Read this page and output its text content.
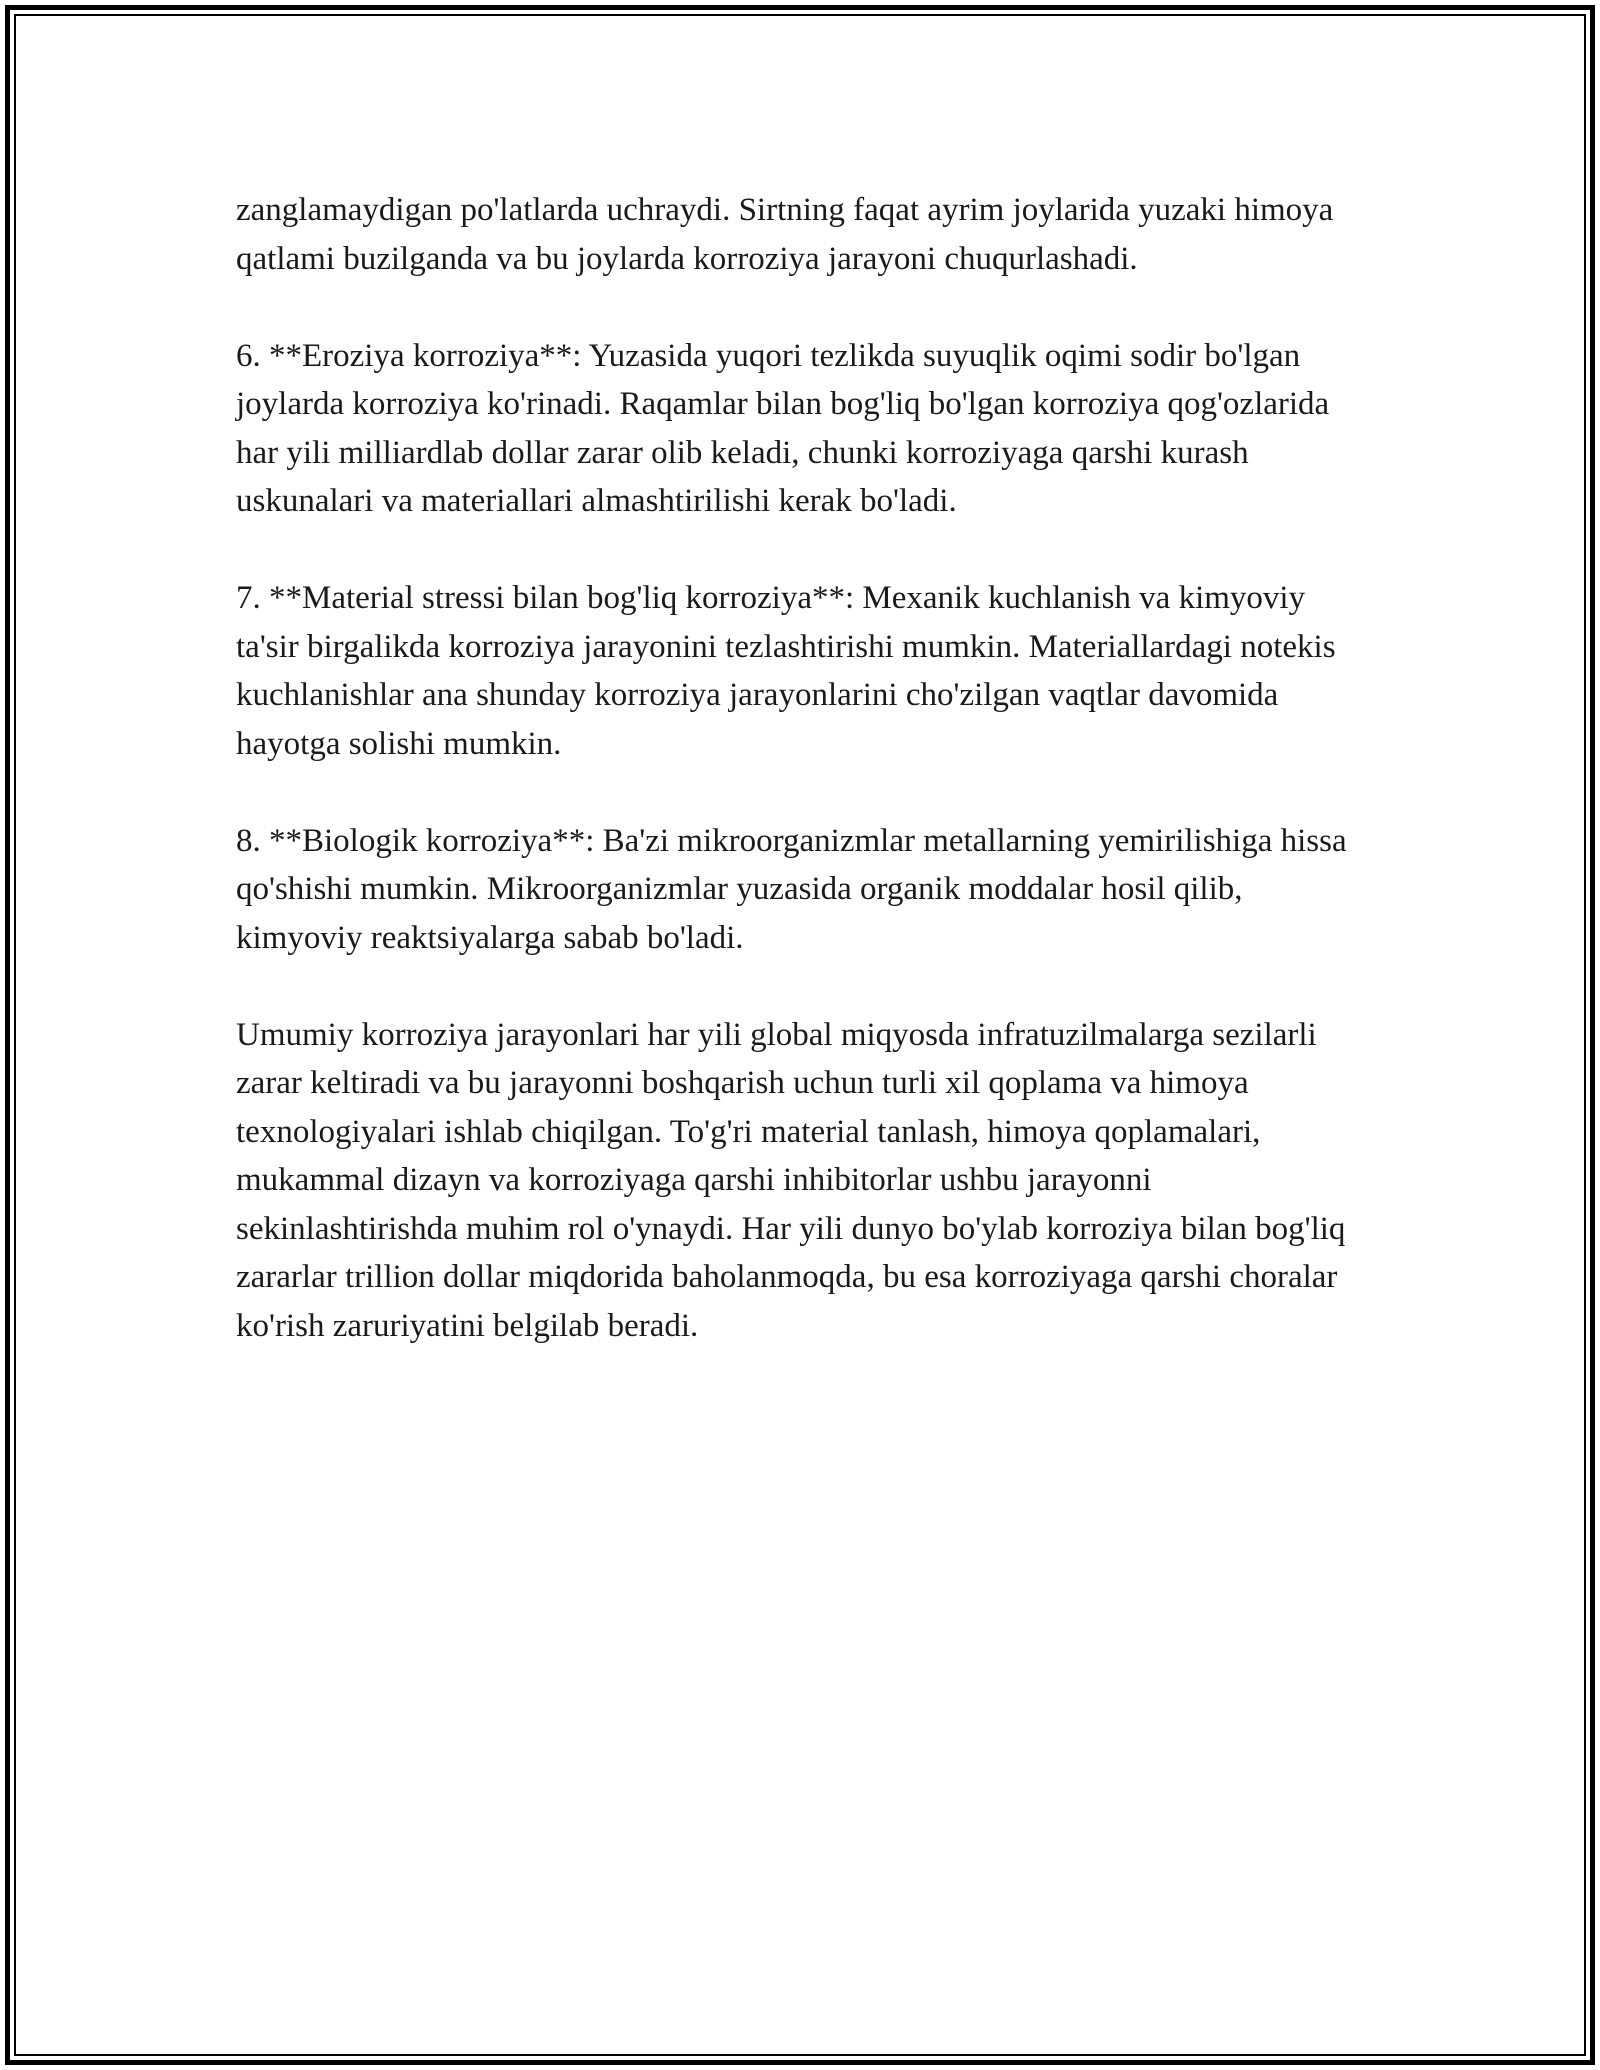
zanglamaydigan po'latlarda uchraydi. Sirtning faqat ayrim joylarida yuzaki himoya qatlami buzilganda va bu joylarda korroziya jarayoni chuqurlashadi.

6. **Eroziya korroziya**: Yuzasida yuqori tezlikda suyuqlik oqimi sodir bo'lgan joylarda korroziya ko'rinadi. Raqamlar bilan bog'liq bo'lgan korroziya qog'ozlarida har yili milliardlab dollar zarar olib keladi, chunki korroziyaga qarshi kurash uskunalari va materiallari almashtirilishi kerak bo'ladi.

7. **Material stressi bilan bog'liq korroziya**: Mexanik kuchlanish va kimyoviy ta'sir birgalikda korroziya jarayonini tezlashtirishi mumkin. Materiallardagi notekis kuchlanishlar ana shunday korroziya jarayonlarini cho'zilgan vaqtlar davomida hayotga solishi mumkin.

8. **Biologik korroziya**: Ba'zi mikroorganizmlar metallarning yemirilishiga hissa qo'shishi mumkin. Mikroorganizmlar yuzasida organik moddalar hosil qilib, kimyoviy reaktsiyalarga sabab bo'ladi.

Umumiy korroziya jarayonlari har yili global miqyosda infratuzilmalarga sezilarli zarar keltiradi va bu jarayonni boshqarish uchun turli xil qoplama va himoya texnologiyalari ishlab chiqilgan. To'g'ri material tanlash, himoya qoplamalari, mukammal dizayn va korroziyaga qarshi inhibitorlar ushbu jarayonni sekinlashtirishda muhim rol o'ynaydi. Har yili dunyo bo'ylab korroziya bilan bog'liq zararlar trillion dollar miqdorida baholanmoqda, bu esa korroziyaga qarshi choralar ko'rish zaruriyatini belgilab beradi.
